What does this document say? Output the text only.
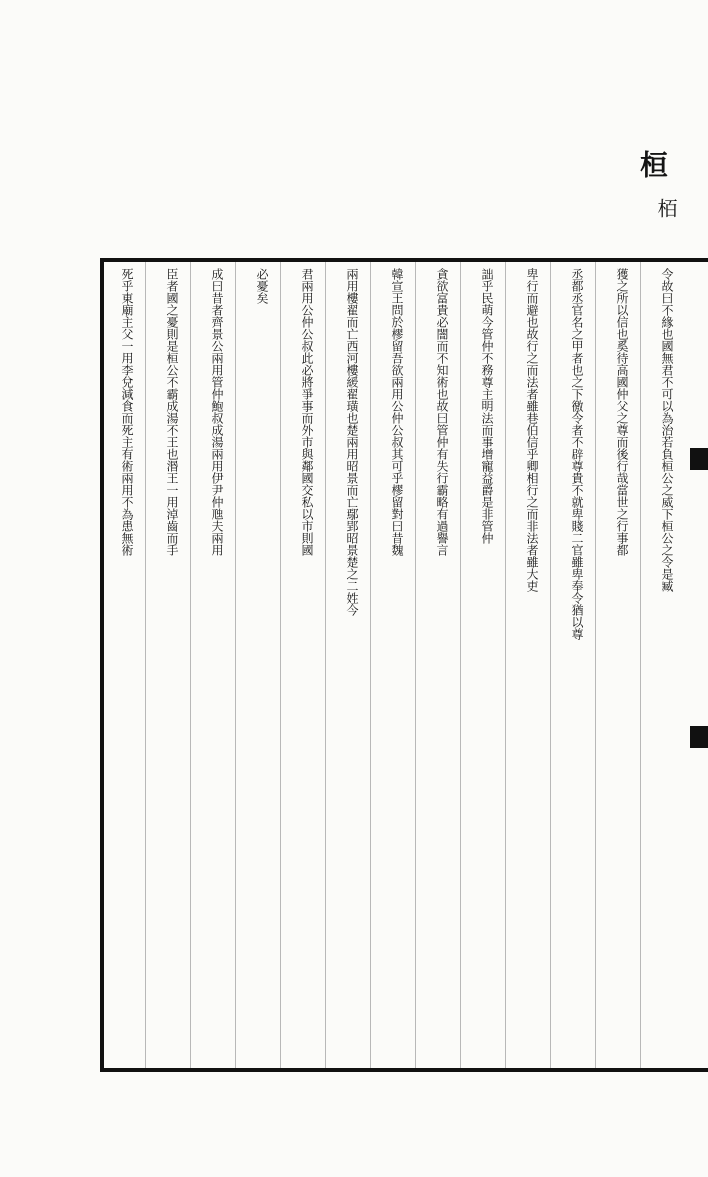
桓
栢
令故曰不緣也國無君不可以為治若負桓公之威下桓公之令是臧
獲之所以信也奚待高國仲父之尊而後行哉當世之行事都
丞都丞官名之甲者也之下徼令者不辟尊貴不就卑賤二官雖卑奉令猶以尊
卑行而避也故行之而法者雖巷伯信乎卿相行之而非法者雖大吏
詘乎民萌今管仲不務尊主明法而事增寵益爵是非管仲
貪欲富貴必闇而不知術也故曰管仲有失行霸略有過譽言
韓宣王問於樛留吾欲兩用公仲公叔其可乎樛留對曰昔魏
兩用樓翟而亡西河樓緩翟璜也楚兩用昭景而亡鄢郢昭景楚之二姓今
君兩用公仲公叔此必將爭事而外市與鄰國交私以市則國
必憂矣
成曰昔者齊景公兩用管仲鮑叔成湯兩用伊尹仲虺夫兩用
臣者國之憂則是桓公不霸成湯不王也湣王一用淖齒而手
死乎東廟主父一用李兌減食而死主有術兩用不為患無術
